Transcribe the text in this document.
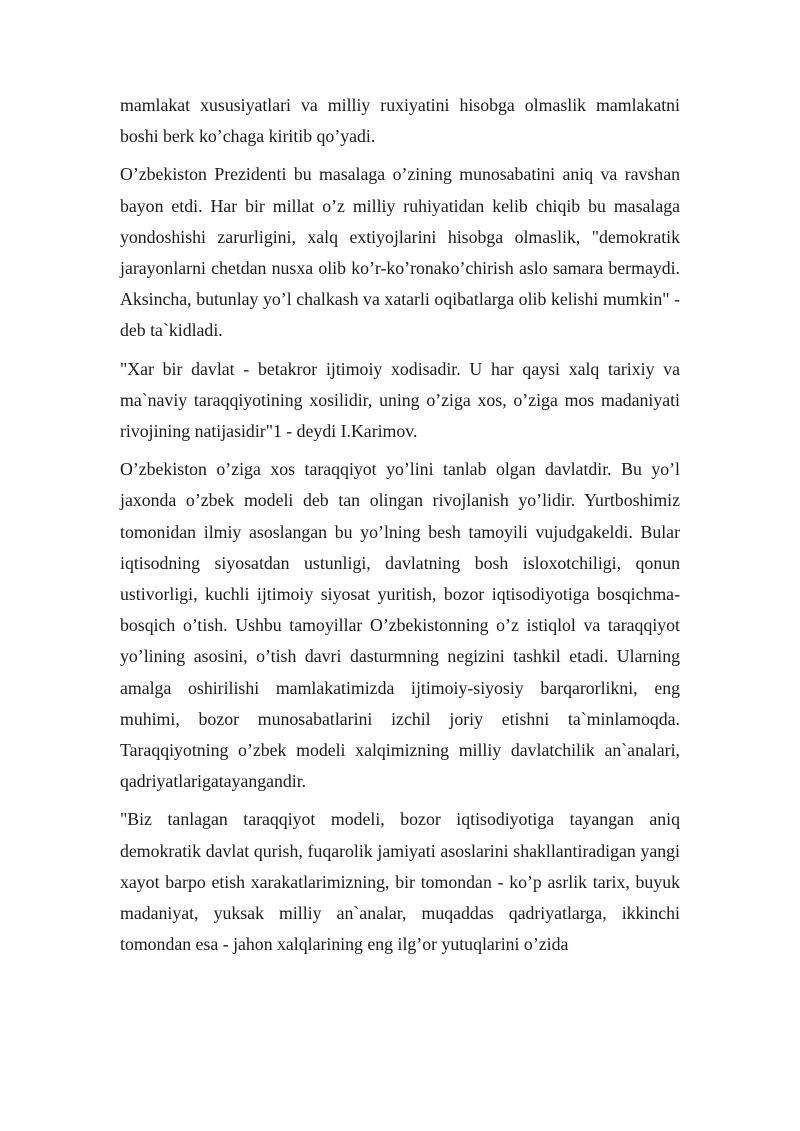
mamlakat xususiyatlari va milliy ruxiyatini hisobga olmaslik mamlakatni boshi berk ko’chaga kiritib qo’yadi.

O’zbekiston Prezidenti bu masalaga o’zining munosabatini aniq va ravshan bayon etdi. Har bir millat o’z milliy ruhiyatidan kelib chiqib bu masalaga yondoshishi zarurligini, xalq extiyojlarini hisobga olmaslik, "demokratik jarayonlarni chetdan nusxa olib ko’r-ko’ronako’chirish aslo samara bermaydi. Aksincha, butunlay yo’l chalkash va xatarli oqibatlarga olib kelishi mumkin" - deb ta`kidladi.

"Xar bir davlat - betakror ijtimoiy xodisadir. U har qaysi xalq tarixiy va ma`naviy taraqqiyotining xosilidir, uning o’ziga xos, o’ziga mos madaniyati rivojining natijasidir"1 - deydi I.Karimov.

O’zbekiston o’ziga xos taraqqiyot yo’lini tanlab olgan davlatdir. Bu yo’l jaxonda o’zbek modeli deb tan olingan rivojlanish yo’lidir. Yurtboshimiz tomonidan ilmiy asoslangan bu yo’lning besh tamoyili vujudgakeldi. Bular iqtisodning siyosatdan ustunligi, davlatning bosh isloxotchiligi, qonun ustivorligi, kuchli ijtimoiy siyosat yuritish, bozor iqtisodiyotiga bosqichma-bosqich o’tish. Ushbu tamoyillar O’zbekistonning o’z istiqlol va taraqqiyot yo’lining asosini, o’tish davri dasturmning negizini tashkil etadi. Ularning amalga oshirilishi mamlakatimizda ijtimoiy-siyosiy barqarorlikni, eng muhimi, bozor munosabatlarini izchil joriy etishni ta`minlamoqda. Taraqqiyotning o’zbek modeli xalqimizning milliy davlatchilik an`analari, qadriyatlarigatayangandir.

"Biz tanlagan taraqqiyot modeli, bozor iqtisodiyotiga tayangan aniq demokratik davlat qurish, fuqarolik jamiyati asoslarini shakllantiradigan yangi xayot barpo etish xarakatlarimizning, bir tomondan - ko’p asrlik tarix, buyuk madaniyat, yuksak milliy an`analar, muqaddas qadriyatlarga, ikkinchi tomondan esa - jahon xalqlarining eng ilg’or yutuqlarini o’zida
